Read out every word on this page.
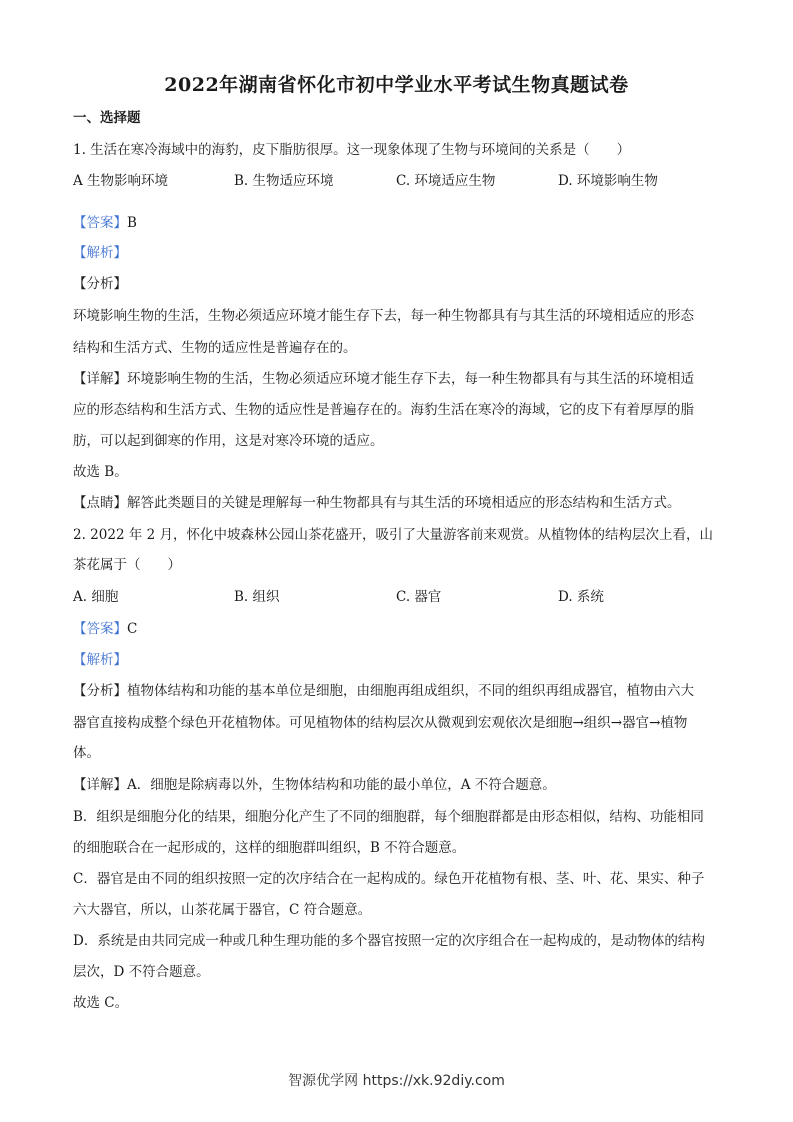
2022年湖南省怀化市初中学业水平考试生物真题试卷
一、选择题
1. 生活在寒冷海域中的海豹，皮下脂肪很厚。这一现象体现了生物与环境间的关系是（　　）
A 生物影响环境	B. 生物适应环境	C. 环境适应生物	D. 环境影响生物
【答案】B
【解析】
【分析】
环境影响生物的生活，生物必须适应环境才能生存下去，每一种生物都具有与其生活的环境相适应的形态
结构和生活方式、生物的适应性是普遍存在的。
【详解】环境影响生物的生活，生物必须适应环境才能生存下去，每一种生物都具有与其生活的环境相适
应的形态结构和生活方式、生物的适应性是普遍存在的。海豹生活在寒冷的海域，它的皮下有着厚厚的脂
肪，可以起到御寒的作用，这是对寒冷环境的适应。
故选 B。
【点睛】解答此类题目的关键是理解每一种生物都具有与其生活的环境相适应的形态结构和生活方式。
2. 2022 年 2 月，怀化中坡森林公园山茶花盛开，吸引了大量游客前来观赏。从植物体的结构层次上看，山
茶花属于（　　）
A. 细胞	B. 组织	C. 器官	D. 系统
【答案】C
【解析】
【分析】植物体结构和功能的基本单位是细胞，由细胞再组成组织，不同的组织再组成器官，植物由六大
器官直接构成整个绿色开花植物体。可见植物体的结构层次从微观到宏观依次是细胞→组织→器官→植物
体。
【详解】A．细胞是除病毒以外，生物体结构和功能的最小单位，A 不符合题意。
B．组织是细胞分化的结果，细胞分化产生了不同的细胞群，每个细胞群都是由形态相似，结构、功能相同
的细胞联合在一起形成的，这样的细胞群叫组织，B 不符合题意。
C．器官是由不同的组织按照一定的次序结合在一起构成的。绿色开花植物有根、茎、叶、花、果实、种子
六大器官，所以，山茶花属于器官，C 符合题意。
D．系统是由共同完成一种或几种生理功能的多个器官按照一定的次序组合在一起构成的，是动物体的结构
层次，D 不符合题意。
故选 C。
智源优学网 https://xk.92diy.com
